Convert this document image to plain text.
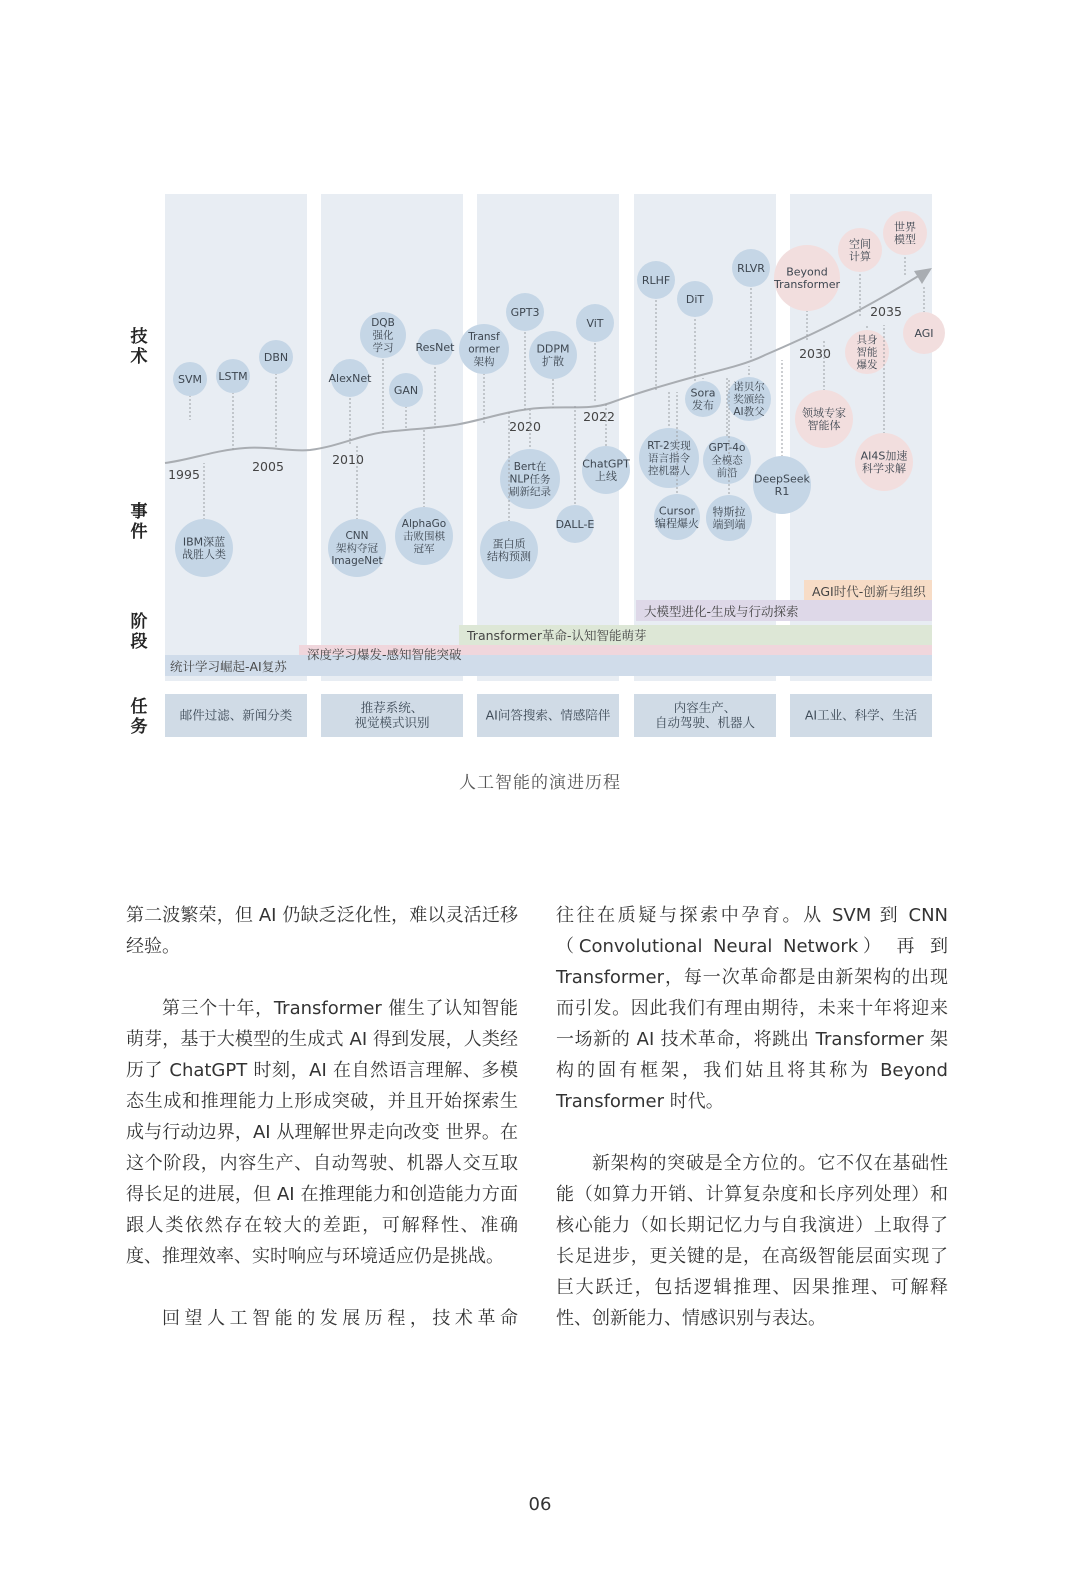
邮件过滤、新闻分类	推荐系统、视觉模式识别	AI问答搜索、情感陪伴	内容生产、自动驾驶、机器人	AI工业、科学、生活
AGI时代-创新与组织
大模型进化-生成与行动探索
Transformer革命-认知智能萌芽
深度学习爆发-感知智能突破
统计学习崛起-AI复苏
技
术
事
件
阶
段
任
务
1995
2005	2010
2020
2022
2030
2035
SVM LSTM
DBN
AlexNet
DQB 强化学习
GAN
ResNet
Transf ormer 架构
GPT3
DDPM 扩散
ViT
RLHF
DiT
RLVR
Sora 发布
诺贝尔奖颁给 AI教父
Beyond Transformer
空间计算
世界模型
具身智能爆发
AGI
IBM深蓝战胜人类
CNN 架构夺冠 ImageNet
AlphaGo 击败围棋冠军
Bert在 NLP任务刷新纪录
蛋白质结构预测
DALL-E
ChatGPT 上线
RT-2实现语言指令控机器人
Cursor 编程爆火
GPT-4o 全模态前沿
特斯拉端到端
DeepSeek R1
领域专家智能体
AI4S加速科学求解
人工智能的演进历程

第二波繁荣，但 AI 仍缺乏泛化性，难以灵活迁移经验。

第三个十年，Transformer 催生了认知智能萌芽，基于大模型的生成式 AI 得到发展，人类经历了 ChatGPT 时刻，AI 在自然语言理解、多模态生成和推理能力上形成突破，并且开始探索生成与行动边界，AI 从理解世界走向改变 世界。在这个阶段，内容生产、自动驾驶、机器人交互取得长足的进展，但 AI 在推理能力和创造能力方面跟人类依然存在较大的差距，可解释性、准确度、推理效率、实时响应与环境适应仍是挑战。

回望人工智能的发展历程，技术革命

往往在质疑与探索中孕育。从 SVM 到 CNN（Convolutional Neural Network） 再 到Transformer，每一次革命都是由新架构的出现而引发。因此我们有理由期待，未来十年将迎来一场新的 AI 技术革命，将跳出 Transformer 架构的固有框架，我们姑且将其称为 Beyond Transformer 时代。

新架构的突破是全方位的。它不仅在基础性能（如算力开销、计算复杂度和长序列处理）和核心能力（如长期记忆力与自我演进）上取得了长足进步，更关键的是，在高级智能层面实现了巨大跃迁，包括逻辑推理、因果推理、可解释性、创新能力、情感识别与表达。

06
